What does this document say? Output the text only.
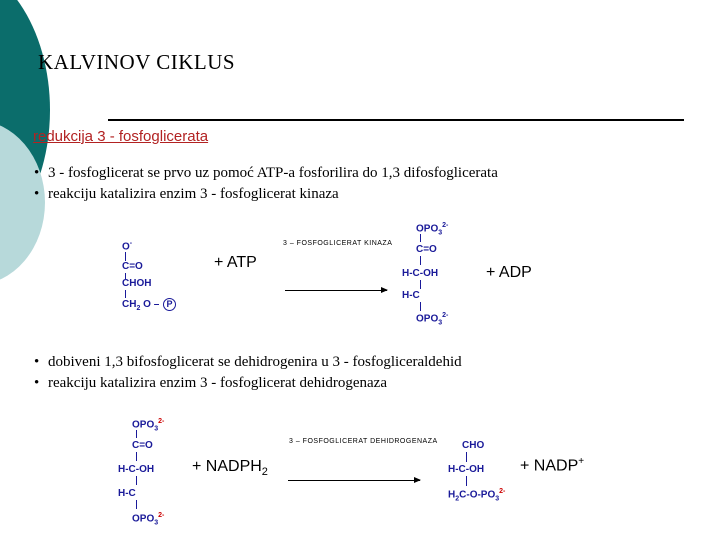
KALVINOV CIKLUS
redukcija 3 - fosfoglicerata
• 3 - fosfoglicerat se prvo uz pomoć ATP-a fosforilira do 1,3 difosfoglicerata
• reakciju katalizira enzim 3 - fosfoglicerat kinaza
O-
C=O
CHOH
$CH_2$ O – P
+ ATP
3 – FOSFOGLICERAT KINAZA
$OPO_3^{2-}$
C=O
H-C-OH
H-C
$OPO_3^{2-}$
+ ADP
• dobiveni 1,3 bifosfoglicerat se dehidrogenira u 3 - fosfogliceraldehid
• reakciju katalizira enzim 3 - fosfoglicerat dehidrogenaza
$OPO_3^{2-}$
C=O
H-C-OH
H-C
$OPO_3^{2-}$
+ $NADPH_2$
3 – FOSFOGLICERAT DEHIDROGENAZA CHO
H-C-OH
$H_2C-O-PO_3^{2-}$
+ NADP+
